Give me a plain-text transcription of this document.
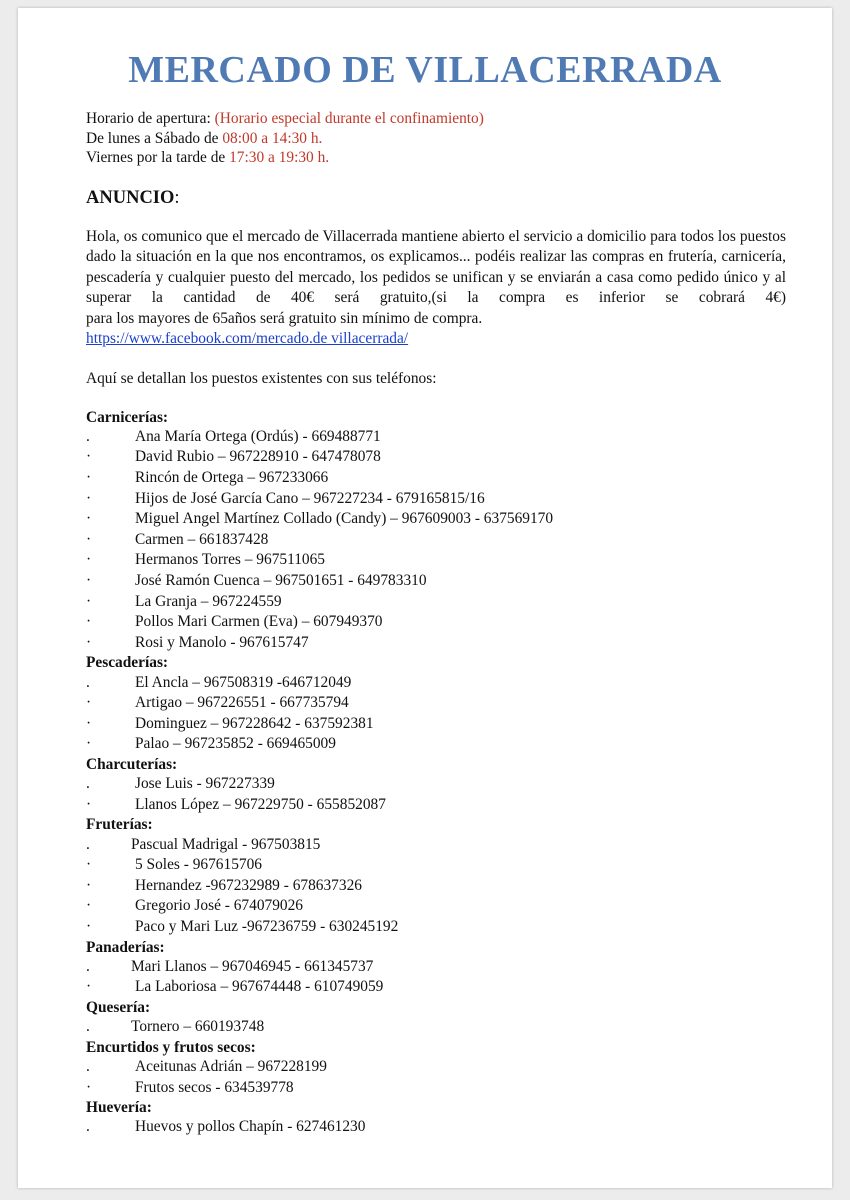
MERCADO DE VILLACERRADA
Horario de apertura: (Horario especial durante el confinamiento)
De lunes a Sábado de 08:00 a 14:30 h.
Viernes por la tarde de 17:30 a 19:30 h.
ANUNCIO:
Hola, os comunico que el mercado de Villacerrada mantiene abierto el servicio a domicilio para todos los puestos dado la situación en la que nos encontramos, os explicamos... podéis realizar las compras en frutería, carnicería, pescadería y cualquier puesto del mercado, los pedidos se unifican y se enviarán a casa como pedido único y al superar la cantidad de 40€ será gratuito,(si la compra es inferior se cobrará 4€) para los mayores de 65años será gratuito sin mínimo de compra.
https://www.facebook.com/mercado.de villacerrada/
Aquí se detallan los puestos existentes con sus teléfonos:
Carnicerías:
.	Ana María Ortega (Ordús) - 669488771
·	David Rubio – 967228910 - 647478078
·	Rincón de Ortega – 967233066
·	Hijos de José García Cano – 967227234 - 679165815/16
·	Miguel Angel Martínez Collado (Candy) – 967609003 - 637569170
·	Carmen – 661837428
·	Hermanos Torres – 967511065
·	José Ramón Cuenca – 967501651 - 649783310
·	La Granja – 967224559
·	Pollos Mari Carmen (Eva) – 607949370
·	Rosi y Manolo - 967615747
Pescaderías:
.	El Ancla – 967508319 -646712049
·	Artigao – 967226551 - 667735794
·	Dominguez – 967228642 - 637592381
·	Palao – 967235852 - 669465009
Charcuterías:
.	Jose Luis - 967227339
·	Llanos López – 967229750 - 655852087
Fruterías:
.	Pascual Madrigal - 967503815
·	5 Soles - 967615706
·	Hernandez -967232989 - 678637326
·	Gregorio José - 674079026
·	Paco y Mari Luz -967236759 - 630245192
Panaderías:
.	Mari Llanos – 967046945 - 661345737
·	La Laboriosa – 967674448 - 610749059
Quesería:
.	Tornero – 660193748
Encurtidos y frutos secos:
.	Aceitunas Adrián – 967228199
·	Frutos secos - 634539778
Huevería:
.	Huevos y pollos Chapín - 627461230
